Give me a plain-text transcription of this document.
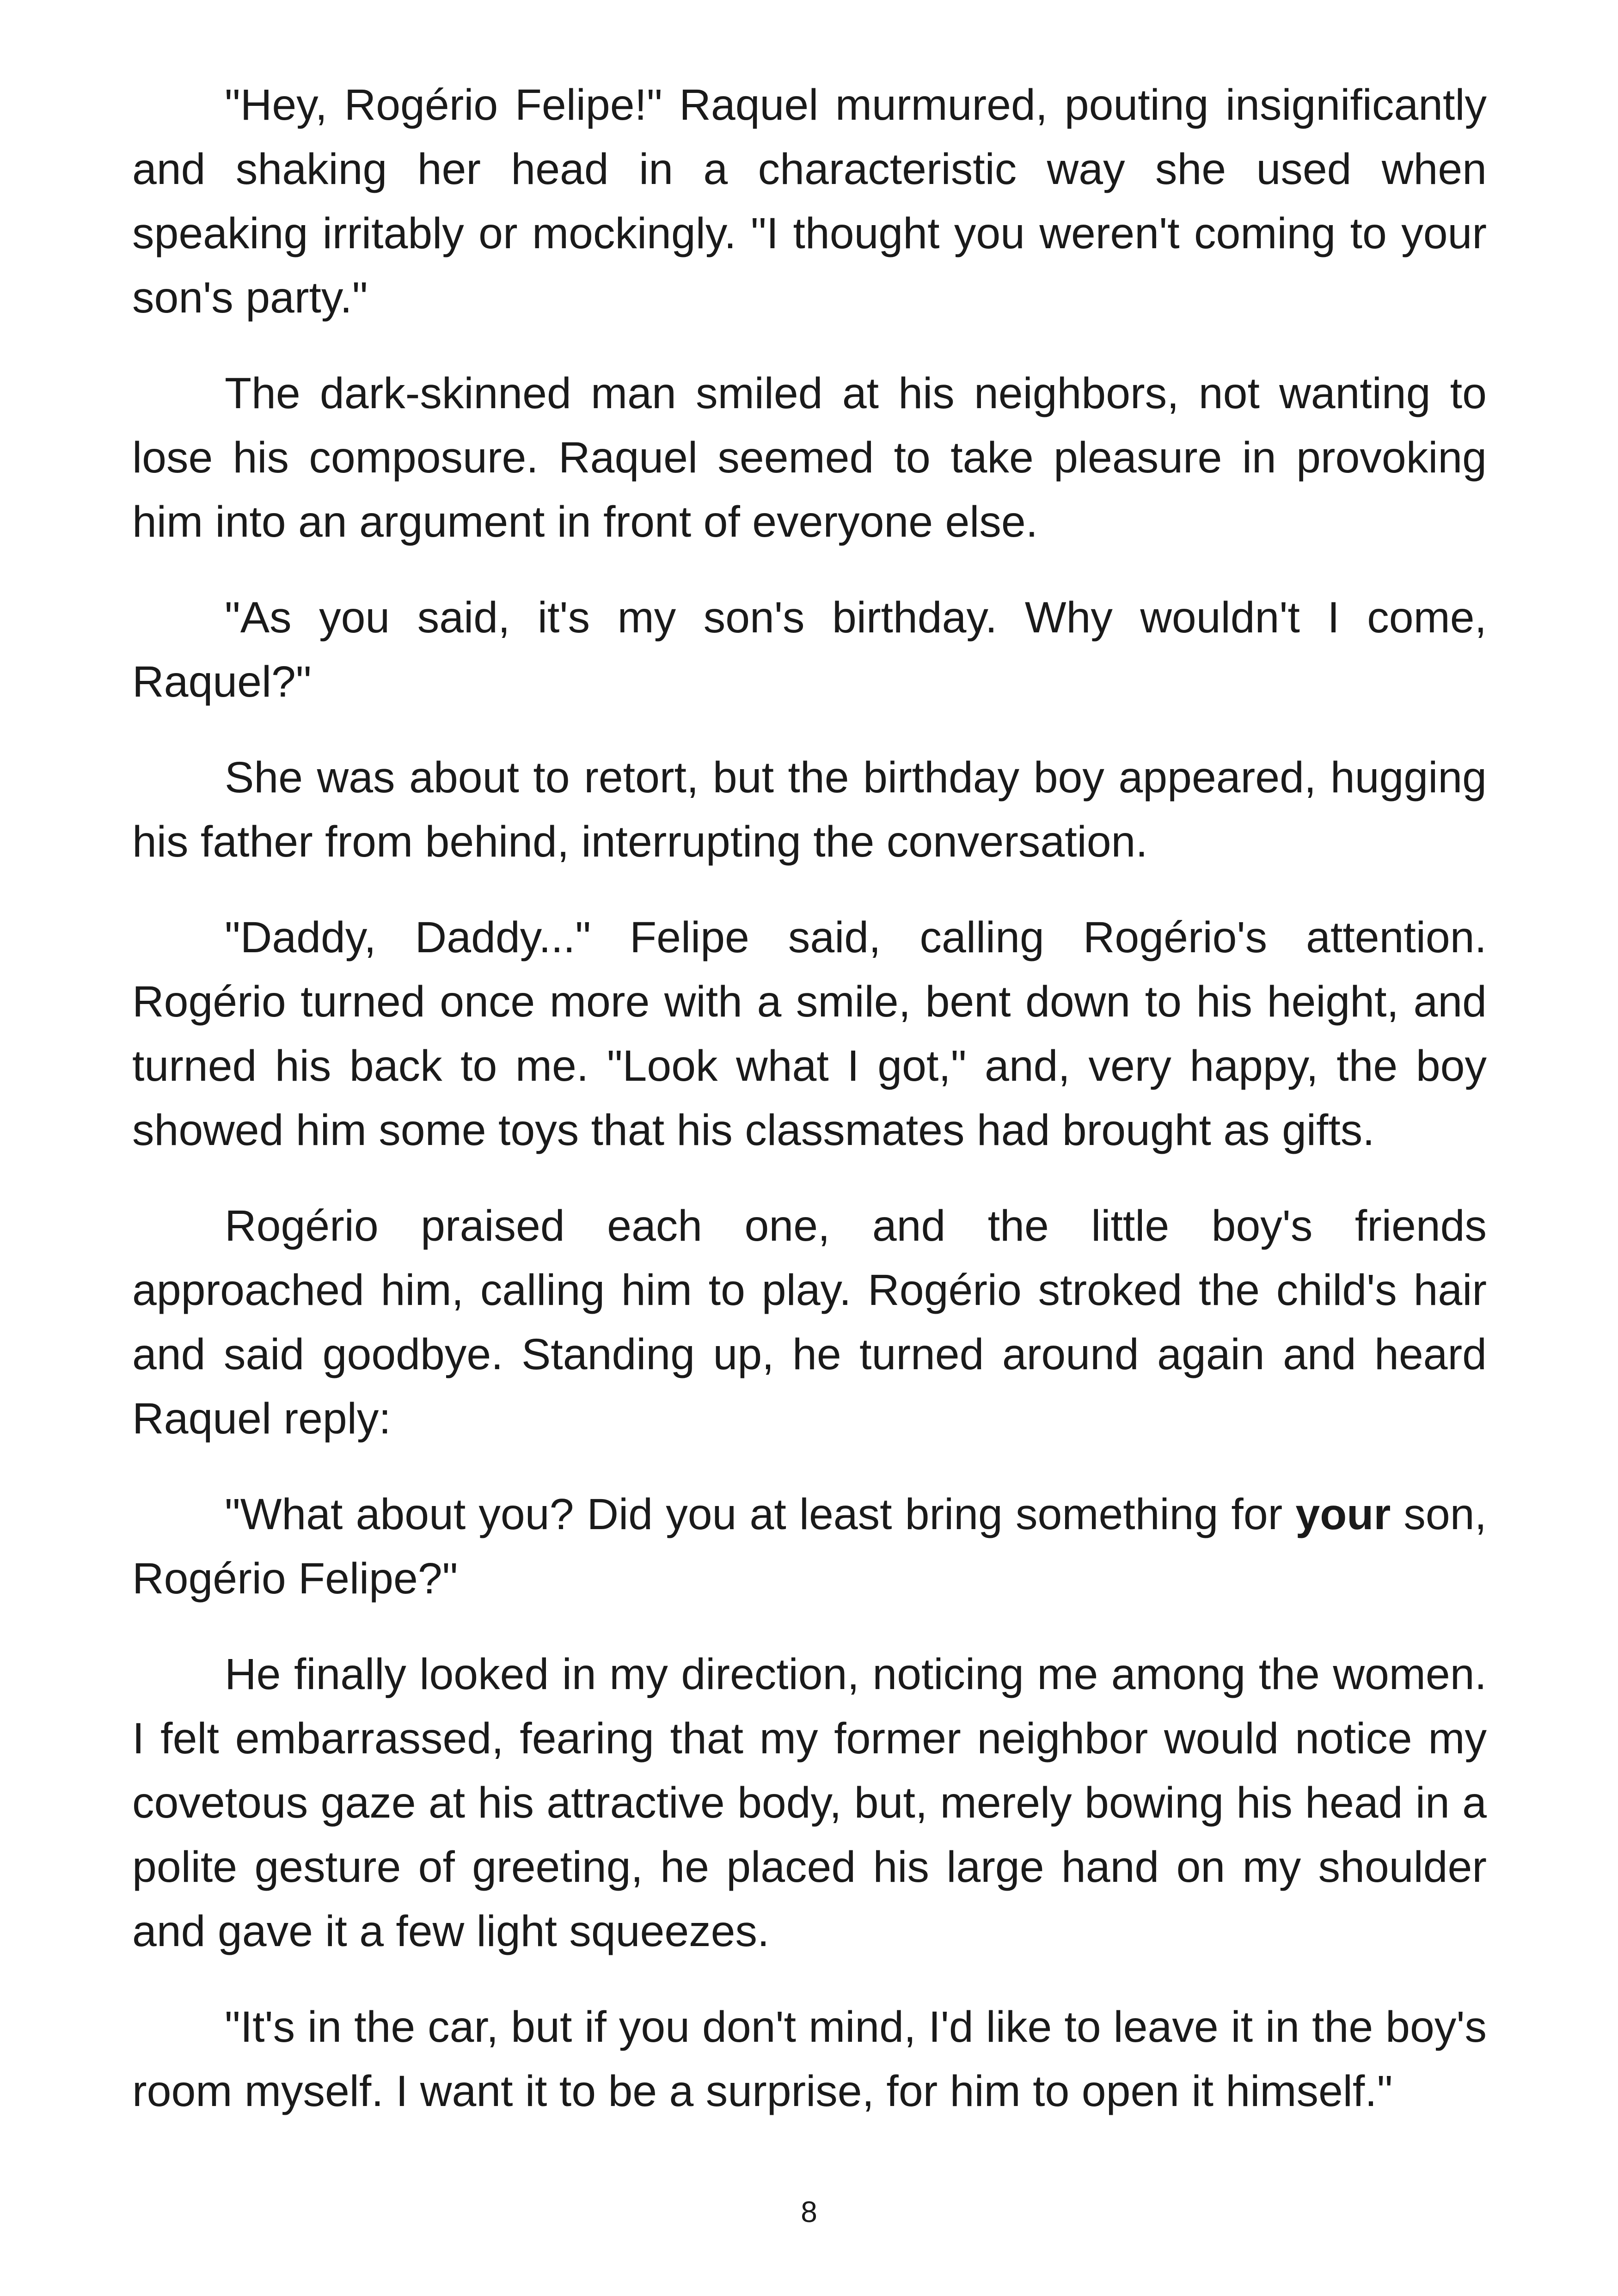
"Hey, Rogério Felipe!" Raquel murmured, pouting insignificantly and shaking her head in a characteristic way she used when speaking irritably or mockingly. "I thought you weren't coming to your son's party."

The dark-skinned man smiled at his neighbors, not wanting to lose his composure. Raquel seemed to take pleasure in provoking him into an argument in front of everyone else.

"As you said, it's my son's birthday. Why wouldn't I come, Raquel?"

She was about to retort, but the birthday boy appeared, hugging his father from behind, interrupting the conversation.

"Daddy, Daddy..." Felipe said, calling Rogério's attention. Rogério turned once more with a smile, bent down to his height, and turned his back to me. "Look what I got," and, very happy, the boy showed him some toys that his classmates had brought as gifts.

Rogério praised each one, and the little boy's friends approached him, calling him to play. Rogério stroked the child's hair and said goodbye. Standing up, he turned around again and heard Raquel reply:

"What about you? Did you at least bring something for your son, Rogério Felipe?"

He finally looked in my direction, noticing me among the women. I felt embarrassed, fearing that my former neighbor would notice my covetous gaze at his attractive body, but, merely bowing his head in a polite gesture of greeting, he placed his large hand on my shoulder and gave it a few light squeezes.

"It's in the car, but if you don't mind, I'd like to leave it in the boy's room myself. I want it to be a surprise, for him to open it himself."

8
